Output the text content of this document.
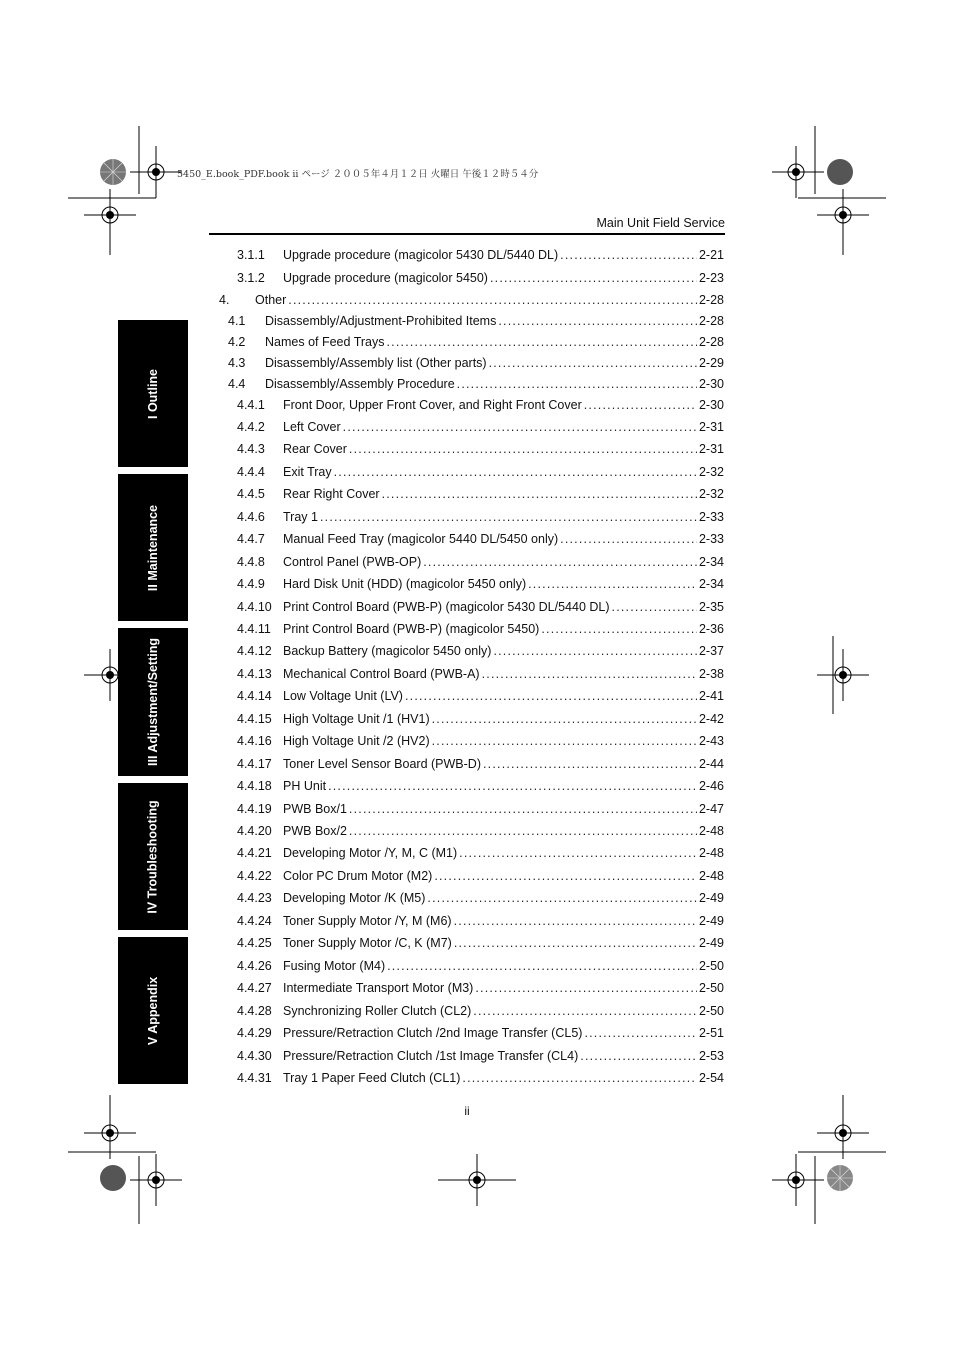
5450_E.book_PDF.book ii ページ ２００５年４月１２日 火曜日 午後１２時５４分
Main Unit Field Service
I Outline
II Maintenance
III Adjustment/Setting
IV Troubleshooting
V Appendix
3.1.1	Upgrade procedure (magicolor 5430 DL/5440 DL) .....	2-21
3.1.2	Upgrade procedure (magicolor 5450) .....	2-23
4.	Other .....	2-28
4.1	Disassembly/Adjustment-Prohibited Items .....	2-28
4.2	Names of Feed Trays .....	2-28
4.3	Disassembly/Assembly list (Other parts) .....	2-29
4.4	Disassembly/Assembly Procedure .....	2-30
4.4.1	Front Door, Upper Front Cover, and Right Front Cover .....	2-30
4.4.2	Left Cover .....	2-31
4.4.3	Rear Cover .....	2-31
4.4.4	Exit Tray .....	2-32
4.4.5	Rear Right Cover .....	2-32
4.4.6	Tray 1 .....	2-33
4.4.7	Manual Feed Tray (magicolor 5440 DL/5450 only) .....	2-33
4.4.8	Control Panel (PWB-OP) .....	2-34
4.4.9	Hard Disk Unit (HDD) (magicolor 5450 only) .....	2-34
4.4.10 Print Control Board (PWB-P) (magicolor 5430 DL/5440 DL) .....	2-35
4.4.11 Print Control Board (PWB-P) (magicolor 5450) .....	2-36
4.4.12 Backup Battery (magicolor 5450 only) .....	2-37
4.4.13 Mechanical Control Board (PWB-A) .....	2-38
4.4.14 Low Voltage Unit (LV) .....	2-41
4.4.15 High Voltage Unit /1 (HV1) .....	2-42
4.4.16 High Voltage Unit /2 (HV2) .....	2-43
4.4.17 Toner Level Sensor Board (PWB-D) .....	2-44
4.4.18 PH Unit .....	2-46
4.4.19 PWB Box/1 .....	2-47
4.4.20 PWB Box/2 .....	2-48
4.4.21 Developing Motor /Y, M, C (M1) .....	2-48
4.4.22 Color PC Drum Motor (M2) .....	2-48
4.4.23 Developing Motor /K (M5) .....	2-49
4.4.24 Toner Supply Motor /Y, M (M6) .....	2-49
4.4.25 Toner Supply Motor /C, K (M7) .....	2-49
4.4.26 Fusing Motor (M4) .....	2-50
4.4.27 Intermediate Transport Motor (M3) .....	2-50
4.4.28 Synchronizing Roller Clutch (CL2) .....	2-50
4.4.29 Pressure/Retraction Clutch /2nd Image Transfer (CL5) .....	2-51
4.4.30 Pressure/Retraction Clutch /1st Image Transfer (CL4) .....	2-53
4.4.31 Tray 1 Paper Feed Clutch (CL1) .....	2-54
ii
